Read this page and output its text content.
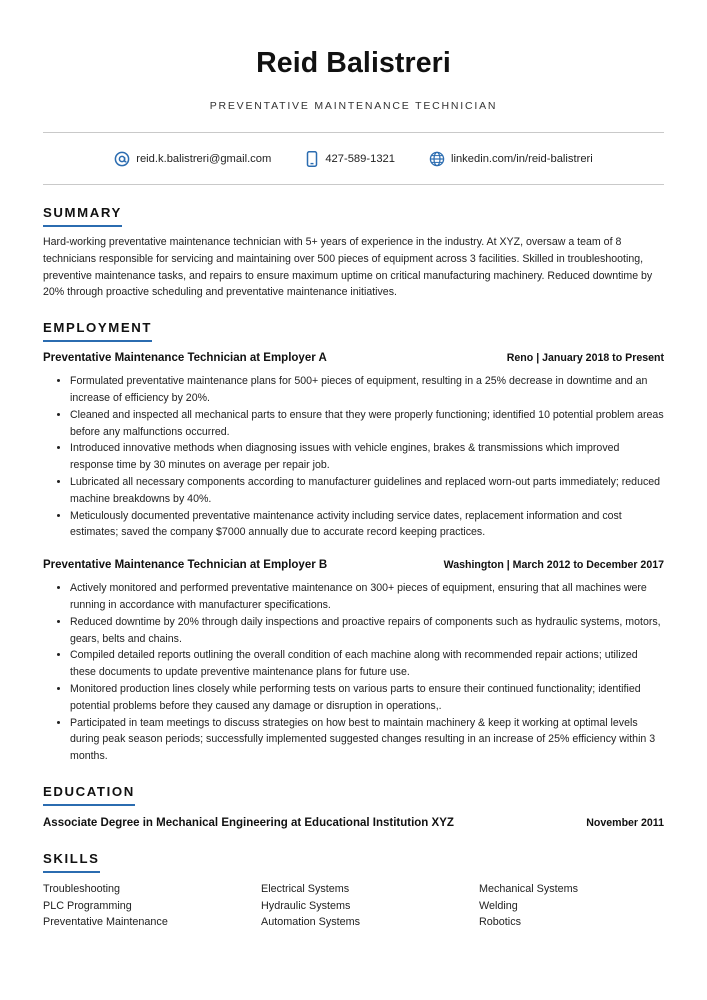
Reid Balistreri
PREVENTATIVE MAINTENANCE TECHNICIAN
reid.k.balistreri@gmail.com	427-589-1321	linkedin.com/in/reid-balistreri
SUMMARY
Hard-working preventative maintenance technician with 5+ years of experience in the industry. At XYZ, oversaw a team of 8 technicians responsible for servicing and maintaining over 500 pieces of equipment across 3 facilities. Skilled in troubleshooting, preventive maintenance tasks, and repairs to ensure maximum uptime on critical manufacturing machinery. Reduced downtime by 20% through proactive scheduling and preventative maintenance initiatives.
EMPLOYMENT
Preventative Maintenance Technician at Employer A	Reno | January 2018 to Present
• Formulated preventative maintenance plans for 500+ pieces of equipment, resulting in a 25% decrease in downtime and an increase of efficiency by 20%.
• Cleaned and inspected all mechanical parts to ensure that they were properly functioning; identified 10 potential problem areas before any malfunctions occurred.
• Introduced innovative methods when diagnosing issues with vehicle engines, brakes & transmissions which improved response time by 30 minutes on average per repair job.
• Lubricated all necessary components according to manufacturer guidelines and replaced worn-out parts immediately; reduced machine breakdowns by 40%.
• Meticulously documented preventative maintenance activity including service dates, replacement information and cost estimates; saved the company $7000 annually due to accurate record keeping practices.
Preventative Maintenance Technician at Employer B	Washington | March 2012 to December 2017
• Actively monitored and performed preventative maintenance on 300+ pieces of equipment, ensuring that all machines were running in accordance with manufacturer specifications.
• Reduced downtime by 20% through daily inspections and proactive repairs of components such as hydraulic systems, motors, gears, belts and chains.
• Compiled detailed reports outlining the overall condition of each machine along with recommended repair actions; utilized these documents to update preventive maintenance plans for future use.
• Monitored production lines closely while performing tests on various parts to ensure their continued functionality; identified potential problems before they caused any damage or disruption in operations,.
• Participated in team meetings to discuss strategies on how best to maintain machinery & keep it working at optimal levels during peak season periods; successfully implemented suggested changes resulting in an increase of 25% efficiency within 3 months.
EDUCATION
Associate Degree in Mechanical Engineering at Educational Institution XYZ	November 2011
SKILLS
Troubleshooting	Electrical Systems	Mechanical Systems
PLC Programming	Hydraulic Systems	Welding
Preventative Maintenance	Automation Systems	Robotics
